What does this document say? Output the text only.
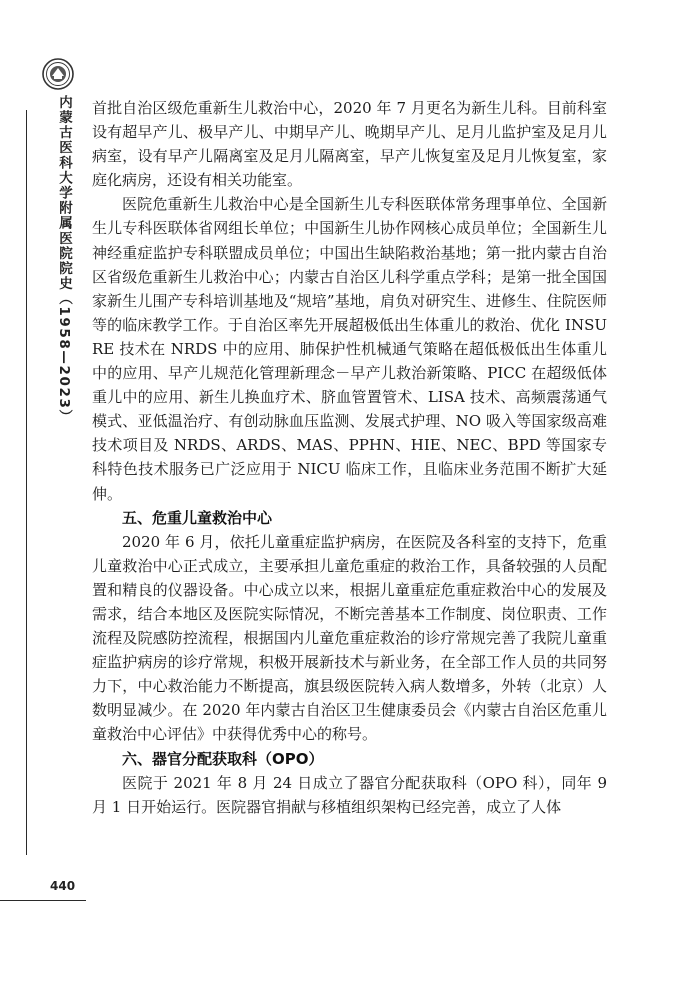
内蒙古医科大学附属医院院史（1958—2023）
440

首批自治区级危重新生儿救治中心，2020 年 7 月更名为新生儿科。目前科室设有超早产儿、极早产儿、中期早产儿、晚期早产儿、足月儿监护室及足月儿病室，设有早产儿隔离室及足月儿隔离室，早产儿恢复室及足月儿恢复室，家庭化病房，还设有相关功能室。

医院危重新生儿救治中心是全国新生儿专科医联体常务理事单位、全国新生儿专科医联体省网组长单位；中国新生儿协作网核心成员单位；全国新生儿神经重症监护专科联盟成员单位；中国出生缺陷救治基地；第一批内蒙古自治区省级危重新生儿救治中心；内蒙古自治区儿科学重点学科；是第一批全国国家新生儿围产专科培训基地及“规培”基地，肩负对研究生、进修生、住院医师等的临床教学工作。于自治区率先开展超极低出生体重儿的救治、优化 INSURE 技术在 NRDS 中的应用、肺保护性机械通气策略在超低极低出生体重儿中的应用、早产儿规范化管理新理念－早产儿救治新策略、PICC 在超级低体重儿中的应用、新生儿换血疗术、脐血管置管术、LISA 技术、高频震荡通气模式、亚低温治疗、有创动脉血压监测、发展式护理、NO 吸入等国家级高难技术项目及 NRDS、ARDS、MAS、PPHN、HIE、NEC、BPD 等国家专科特色技术服务已广泛应用于 NICU 临床工作，且临床业务范围不断扩大延伸。

五、危重儿童救治中心

2020 年 6 月，依托儿童重症监护病房，在医院及各科室的支持下，危重儿童救治中心正式成立，主要承担儿童危重症的救治工作，具备较强的人员配置和精良的仪器设备。中心成立以来，根据儿童重症危重症救治中心的发展及需求，结合本地区及医院实际情况，不断完善基本工作制度、岗位职责、工作流程及院感防控流程，根据国内儿童危重症救治的诊疗常规完善了我院儿童重症监护病房的诊疗常规，积极开展新技术与新业务，在全部工作人员的共同努力下，中心救治能力不断提高，旗县级医院转入病人数增多，外转（北京）人数明显减少。在 2020 年内蒙古自治区卫生健康委员会《内蒙古自治区危重儿童救治中心评估》中获得优秀中心的称号。

六、器官分配获取科（OPO）

医院于 2021 年 8 月 24 日成立了器官分配获取科（OPO 科），同年 9 月 1 日开始运行。医院器官捐献与移植组织架构已经完善，成立了人体
